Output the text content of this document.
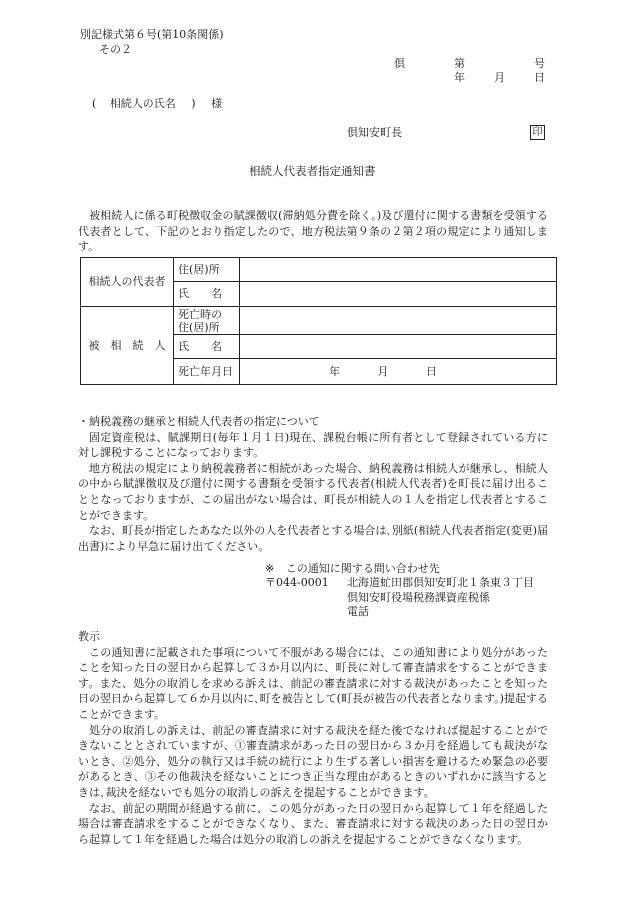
別記様式第６号(第10条関係)
その２
倶	第	号
年	月	日
( 相続人の氏名 ) 様
倶知安町長	印
相続人代表者指定通知書
被相続人に係る町税徴収金の賦課徴収(滞納処分費を除く。)及び還付に関する書類を受領する代表者として、下記のとおり指定したので、地方税法第９条の２第２項の規定により通知します。
相続人の代表者	住(居)所	
	氏　　名	
被　相　続　人	死亡時の
住(居)所	

	氏　　名	
	死亡年月日	年 月 日

・納税義務の継承と相続人代表者の指定について

固定資産税は、賦課期日(毎年１月１日)現在、課税台帳に所有者として登録されている方に対し課税することになっております。

地方税法の規定により納税義務者に相続があった場合、納税義務は相続人が継承し、相続人の中から賦課徴収及び還付に関する書類を受領する代表者(相続人代表者)を町長に届け出ることとなっておりますが、この届出がない場合は、町長が相続人の１人を指定し代表者とすることができます。

なお、町長が指定したあなた以外の人を代表者とする場合は､別紙(相続人代表者指定(変更)届出書)により早急に届け出てください。

※ この通知に関する問い合わせ先
〒044-0001 北海道虻田郡倶知安町北１条東３丁目
倶知安町役場税務課資産税係
電話

教示

この通知書に記載された事項について不服がある場合には、この通知書により処分があったことを知った日の翌日から起算して３か月以内に、町長に対して審査請求をすることができます。また、処分の取消しを求める訴えは、前記の審査請求に対する裁決があったことを知った日の翌日から起算して６か月以内に､町を被告として(町長が被告の代表者となります。)提起することができます。

処分の取消しの訴えは、前記の審査請求に対する裁決を経た後でなければ提起することができないこととされていますが、①審査請求があった日の翌日から３か月を経過しても裁決がないとき、②処分、処分の執行又は手続の続行により生ずる著しい損害を避けるため緊急の必要があるとき、③その他裁決を経ないことにつき正当な理由があるときのいずれかに該当するときは､裁決を経ないでも処分の取消しの訴えを提起することができます。

なお、前記の期間が経過する前に、この処分があった日の翌日から起算して１年を経過した場合は審査請求をすることができなくなり、また、審査請求に対する裁決のあった日の翌日から起算して１年を経過した場合は処分の取消しの訴えを提起することができなくなります。
